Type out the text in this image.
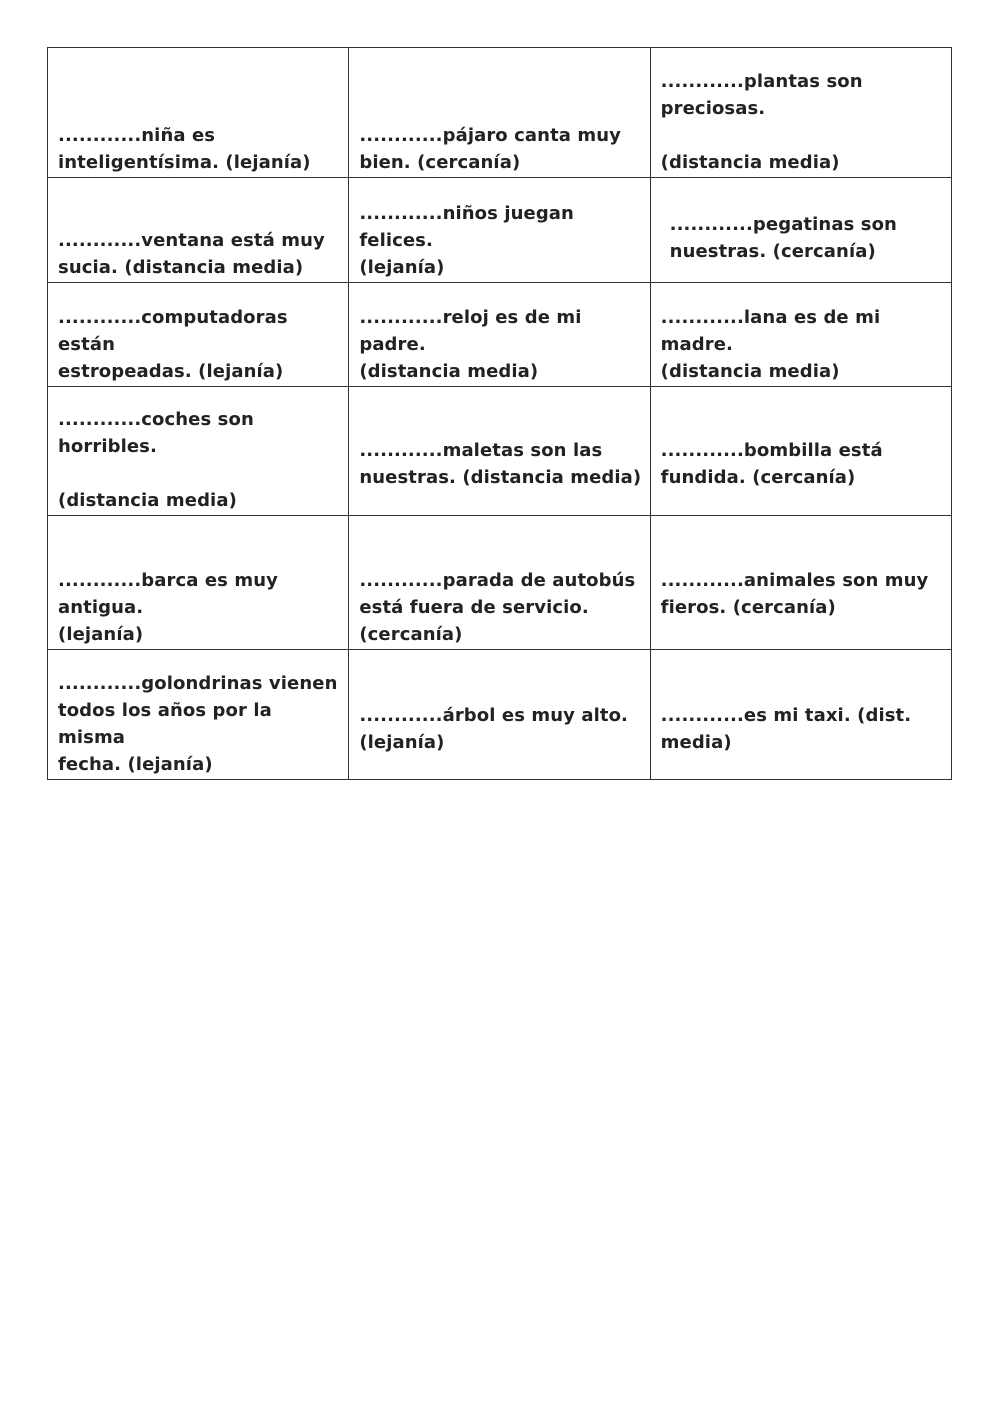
............niña es
inteligentísima. (lejanía)	............pájaro canta muy
bien. (cercanía)	............plantas son preciosas.

(distancia media)

............ventana está muy
sucia. (distancia media)	............niños juegan felices.
(lejanía)	............pegatinas son
nuestras. (cercanía)

............computadoras están
estropeadas. (lejanía)	............reloj es de mi padre.
(distancia media)	............lana es de mi madre.
(distancia media)

............coches son horribles.

(distancia media)	............maletas son las
nuestras. (distancia media)	............bombilla está
fundida. (cercanía)

............barca es muy antigua.
(lejanía)	............parada de autobús
está fuera de servicio.
(cercanía)	............animales son muy
fieros. (cercanía)

............golondrinas vienen
todos los años por la misma
fecha. (lejanía)	............árbol es muy alto.
(lejanía)	............es mi taxi. (dist.
media)
